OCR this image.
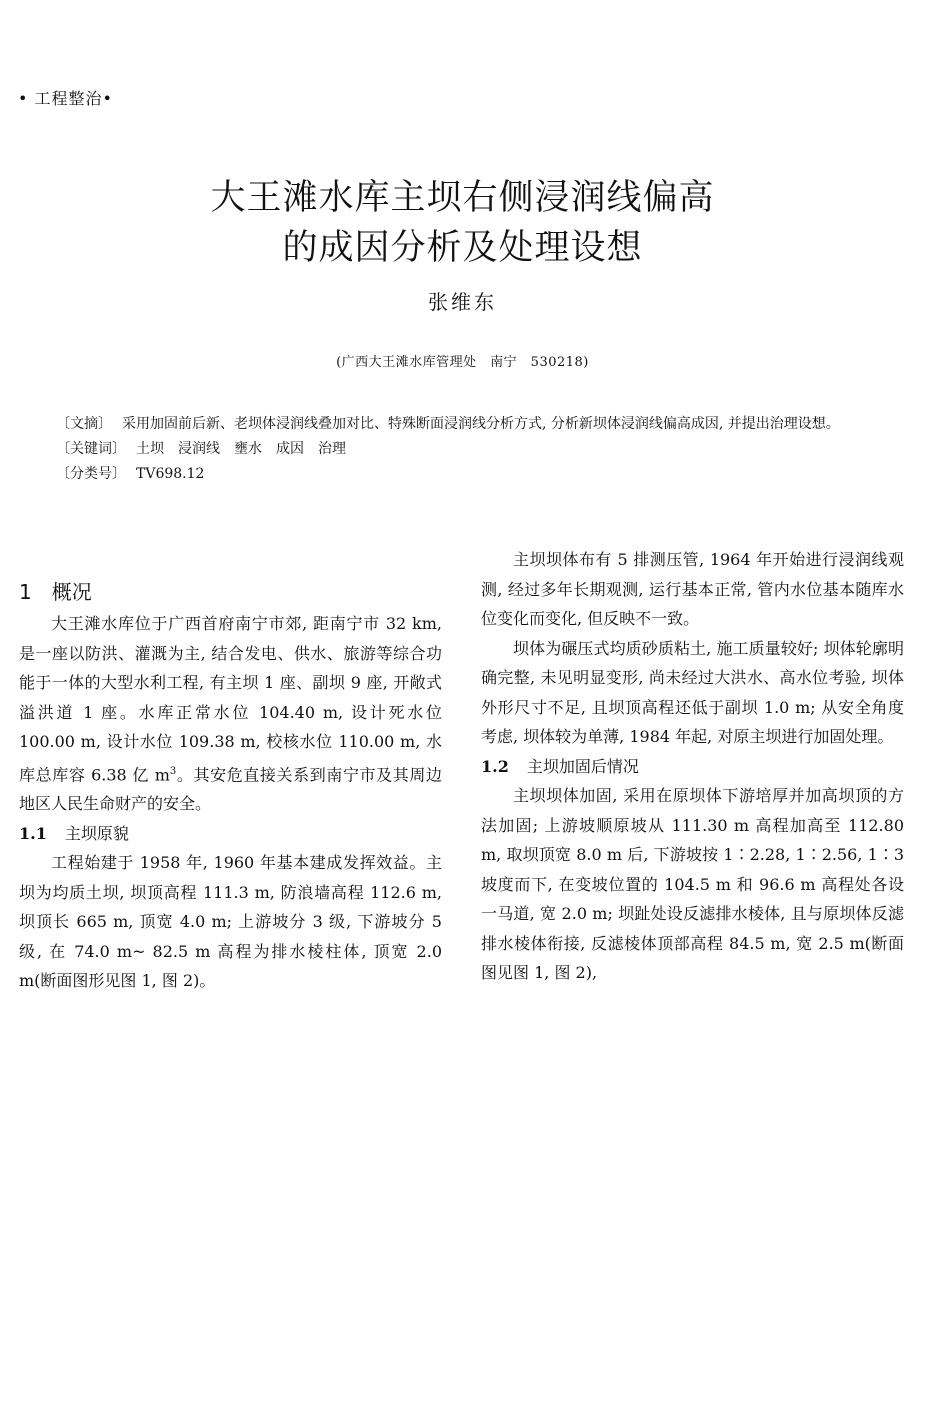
• 工程整治•
大王滩水库主坝右侧浸润线偏高
的成因分析及处理设想
张维东
(广西大王滩水库管理处　南宁　530218)

〔文摘〕 采用加固前后新、老坝体浸润线叠加对比、特殊断面浸润线分析方式, 分析新坝体浸润线偏高成因, 并提出治理设想。

〔关键词〕 土坝　浸润线　壅水　成因　治理

〔分类号〕 TV698.12

1 概况

大王滩水库位于广西首府南宁市郊, 距南宁市 32 km, 是一座以防洪、灌溉为主, 结合发电、供水、旅游等综合功能于一体的大型水利工程, 有主坝 1 座、副坝 9 座, 开敞式溢洪道 1 座。水库正常水位 104.40 m, 设计死水位 100.00 m, 设计水位 109.38 m, 校核水位 110.00 m, 水库总库容 6.38 亿 $m^3$。其安危直接关系到南宁市及其周边地区人民生命财产的安全。

1.1 主坝原貌

工程始建于 1958 年, 1960 年基本建成发挥效益。主坝为均质土坝, 坝顶高程 111.3 m, 防浪墙高程 112.6 m, 坝顶长 665 m, 顶宽 4.0 m; 上游坡分 3 级, 下游坡分 5 级, 在 74.0 m~ 82.5 m 高程为排水棱柱体, 顶宽 2.0 m(断面图形见图 1, 图 2)。

主坝坝体布有 5 排测压管, 1964 年开始进行浸润线观测, 经过多年长期观测, 运行基本正常, 管内水位基本随库水位变化而变化, 但反映不一致。

坝体为碾压式均质砂质粘土, 施工质量较好; 坝体轮廓明确完整, 未见明显变形, 尚未经过大洪水、高水位考验, 坝体外形尺寸不足, 且坝顶高程还低于副坝 1.0 m; 从安全角度考虑, 坝体较为单薄, 1984 年起, 对原主坝进行加固处理。

1.2 主坝加固后情况

主坝坝体加固, 采用在原坝体下游培厚并加高坝顶的方法加固; 上游坡顺原坡从 111.30 m 高程加高至 112.80 m, 取坝顶宽 8.0 m 后, 下游坡按 1∶2.28, 1∶2.56, 1∶3 坡度而下, 在变坡位置的 104.5 m 和 96.6 m 高程处各设一马道, 宽 2.0 m; 坝趾处设反滤排水棱体, 且与原坝体反滤排水棱体衔接, 反滤棱体顶部高程 84.5 m, 宽 2.5 m(断面图见图 1, 图 2),
